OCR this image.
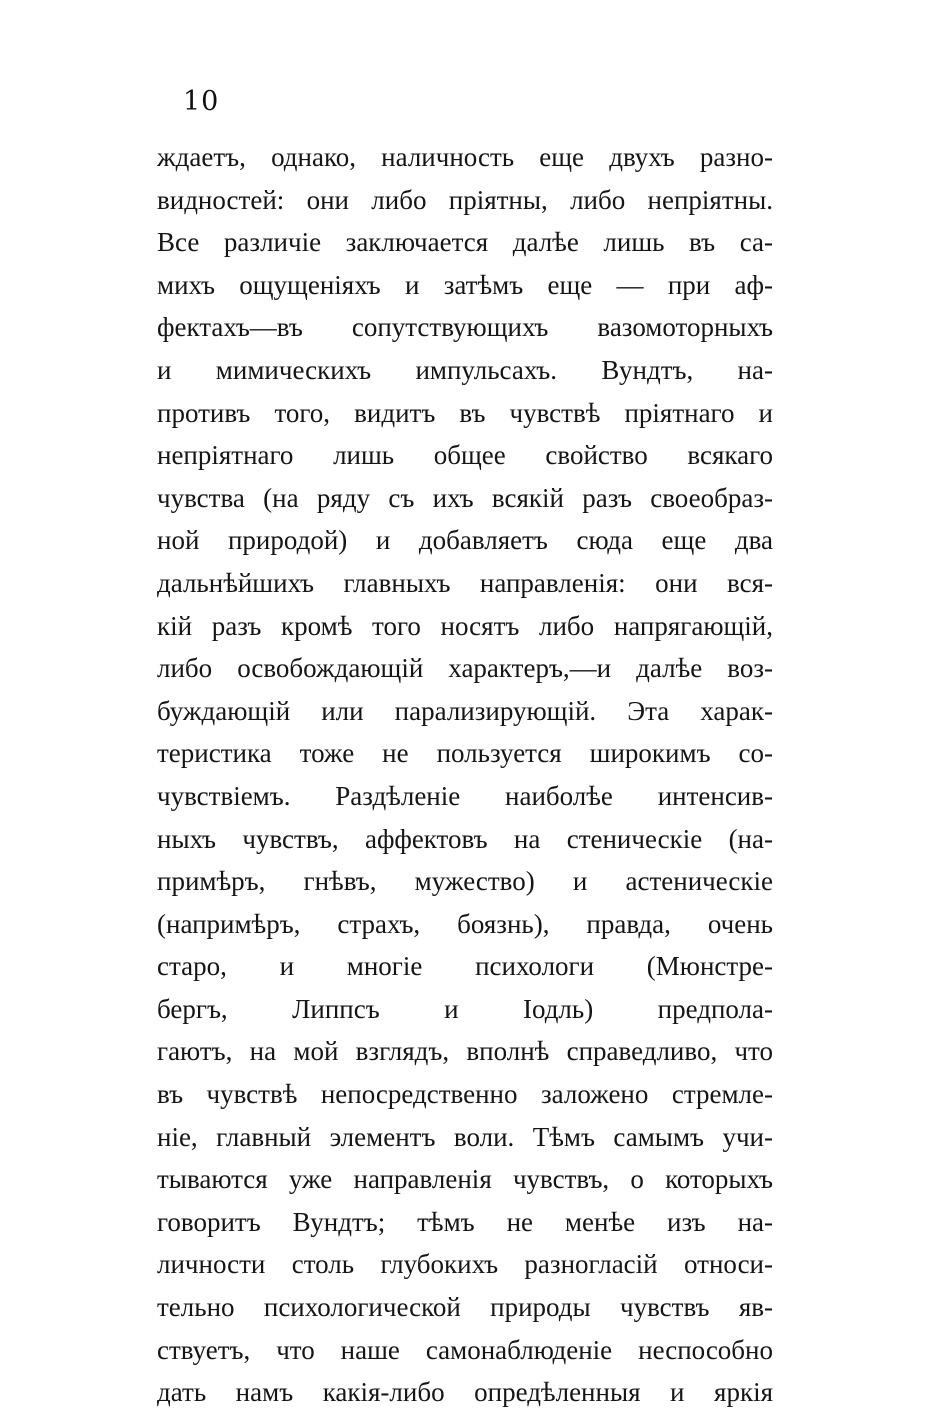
10
ждаетъ, однако, наличность еще двухъ разно-
видностей: они либо пріятны, либо непріятны.
Все различіе заключается далѣе лишь въ са-
михъ ощущеніяхъ и затѣмъ еще — при аф-
фектахъ—въ сопутствующихъ вазомоторныхъ
и мимическихъ импульсахъ. Вундтъ, на-
противъ того, видитъ въ чувствѣ пріятнаго и
непріятнаго лишь общее свойство всякаго
чувства (на ряду съ ихъ всякій разъ своеобраз-
ной природой) и добавляетъ сюда еще два
дальнѣйшихъ главныхъ направленія: они вся-
кій разъ кромѣ того носятъ либо напрягающій,
либо освобождающій характеръ,—и далѣе воз-
буждающій или парализирующій. Эта харак-
теристика тоже не пользуется широкимъ со-
чувствіемъ. Раздѣленіе наиболѣе интенсив-
ныхъ чувствъ, аффектовъ на стеническіе (на-
примѣръ, гнѣвъ, мужество) и астеническіе
(напримѣръ, страхъ, боязнь), правда, очень
старо, и многіе психологи (Мюнстре-
бергъ, Липпсъ и Іодль) предпола-
гаютъ, на мой взглядъ, вполнѣ справедливо, что
въ чувствѣ непосредственно заложено стремле-
ніе, главный элементъ воли. Тѣмъ самымъ учи-
тываются уже направленія чувствъ, о которыхъ
говоритъ Вундтъ; тѣмъ не менѣе изъ на-
личности столь глубокихъ разногласій относи-
тельно психологической природы чувствъ яв-
ствуетъ, что наше самонаблюденіе неспособно
дать намъ какія-либо опредѣленныя и яркія
